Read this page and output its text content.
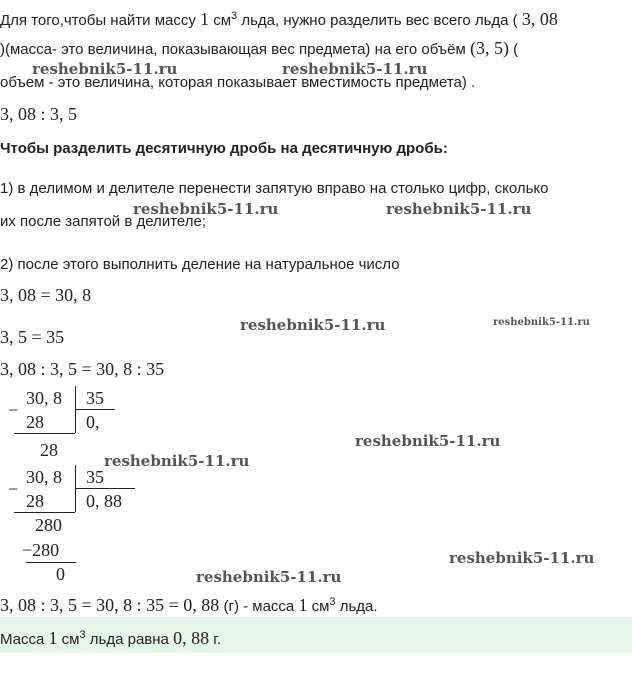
Для того,чтобы найти массу 1 $см^3$ льда, нужно разделить вес всего льда ( 3, 08
)(масса- это величина, показывающая вес предмета) на его объём (3, 5) (
объем - это величина, которая показывает вместимость предмета) .
3, 08 : 3, 5
Чтобы разделить десятичную дробь на десятичную дробь:
1) в делимом и делителе перенести запятую вправо на столько цифр, сколько
их после запятой в делителе;
2) после этого выполнить деление на натуральное число
3, 08 = 30, 8
3, 5 = 35
3, 08 : 3, 5 = 30, 8 : 35
30, 8 35
−
28 0,
28
30, 8 35
−
28 0, 88
280
−280
0
3, 08 : 3, 5 = 30, 8 : 35 = 0, 88 (г) - масса 1 $см^3$ льда.
Масса 1 $см^3$ льда равна 0, 88 г.
reshebnik5-11.ru	reshebnik5-11.ru
reshebnik5-11.ru	reshebnik5-11.ru
reshebnik5-11.ru	reshebnik5-11.ru
reshebnik5-11.ru
reshebnik5-11.ru
reshebnik5-11.ru
reshebnik5-11.ru
